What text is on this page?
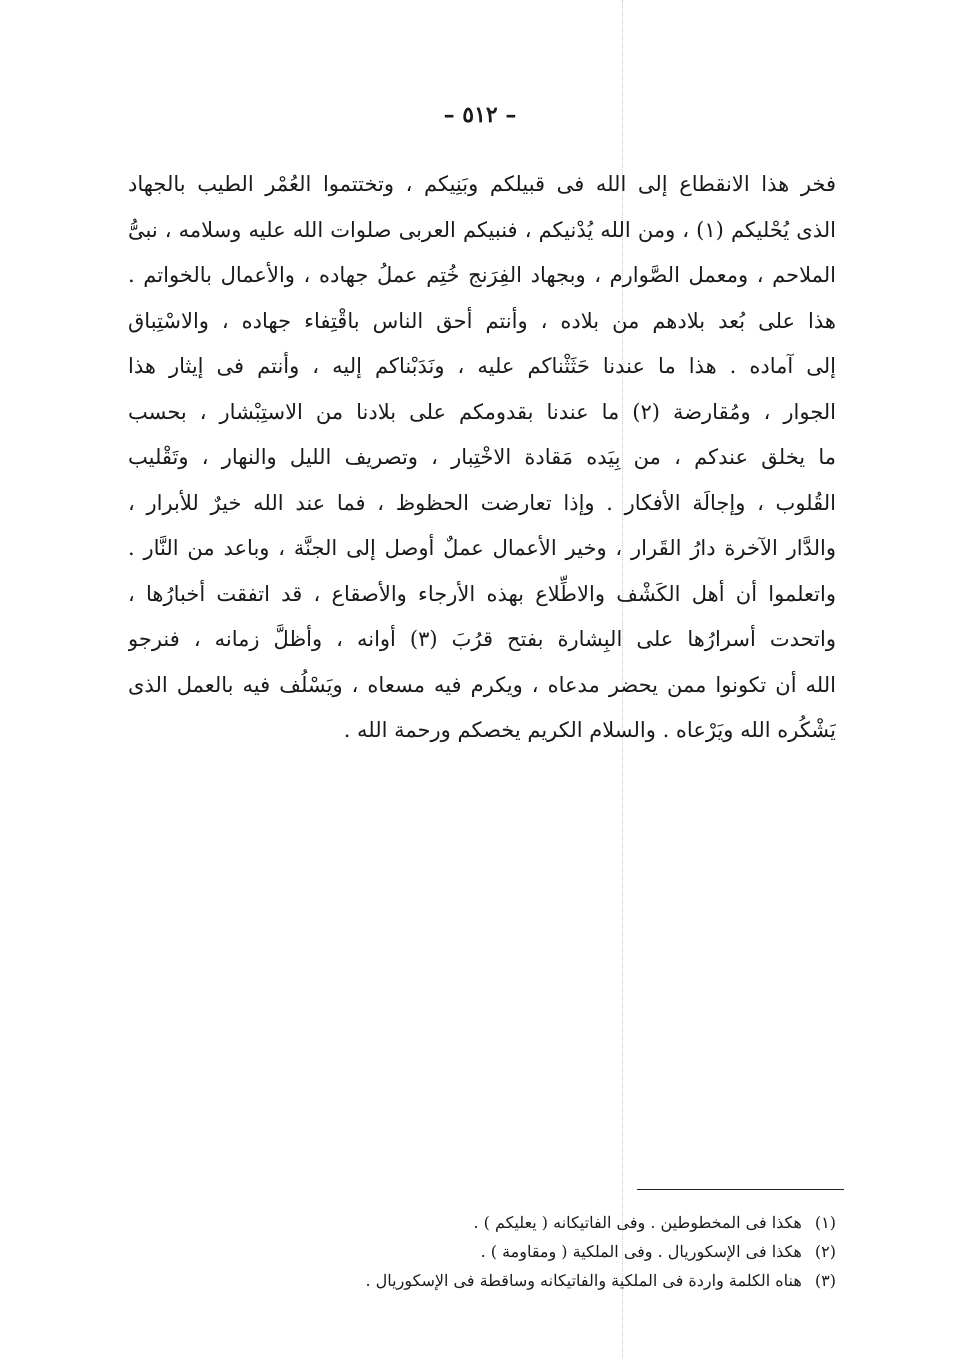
– ٥١٢ –
فخر هذا الانقطاع إلى الله فى قبيلكم وبَنِيكم ، وتختتموا العُمْر الطيب بالجهاد
الذى يُحْليكم (١) ، ومن الله يُدْنيكم ، فنبيكم العربى صلوات الله عليه وسلامه ، نبىُّ
الملاحم ، ومعمل الصَّوارم ، وبجهاد الفِرَنج خُتِم عملُ جهاده ، والأعمال بالخواتم .
هذا على بُعد بلادهم من بلاده ، وأنتم أحق الناس باقْتِفاء جهاده ، والاسْتِباق
إلى آماده . هذا ما عندنا حَثَثْناكم عليه ، ونَدَبْناكم إليه ، وأنتم فى إيثار هذا
الجوار ، ومُقارضة (٢) ما عندنا بقدومكم على بلادنا من الاستِبْشار ، بحسب
ما يخلق عندكم ، من بِيَده مَقادة الاخْتِبار ، وتصريف الليل والنهار ، وتَقْليب
القُلوب ، وإجالَة الأفكار . وإذا تعارضت الحظوظ ، فما عند الله خيرٌ للأبرار ،
والدَّار الآخرة دارُ القَرار ، وخير الأعمال عملٌ أوصل إلى الجنَّة ، وباعد من النَّار .
واتعلموا أن أهل الكَشْف والاطِّلاع بهذه الأرجاء والأصقاع ، قد اتفقت أخبارُها ،
واتحدت أسرارُها على البِشارة بفتح قرُبَ (٣) أوانه ، وأظلَّ زمانه ، فنرجو
الله أن تكونوا ممن يحضر مدعاه ، ويكرم فيه مسعاه ، ويَسْلُف فيه بالعمل الذى
يَشْكُره الله ويَرْعاه . والسلام الكريم يخصكم ورحمة الله .
(١) هكذا فى المخطوطين . وفى الفاتيكانه ( يعليكم ) .
(٢) هكذا فى الإسكوريال . وفى الملكية ( ومقاومة ) .
(٣) هناه الكلمة واردة فى الملكية والفاتيكانه وساقطة فى الإسكوريال .
